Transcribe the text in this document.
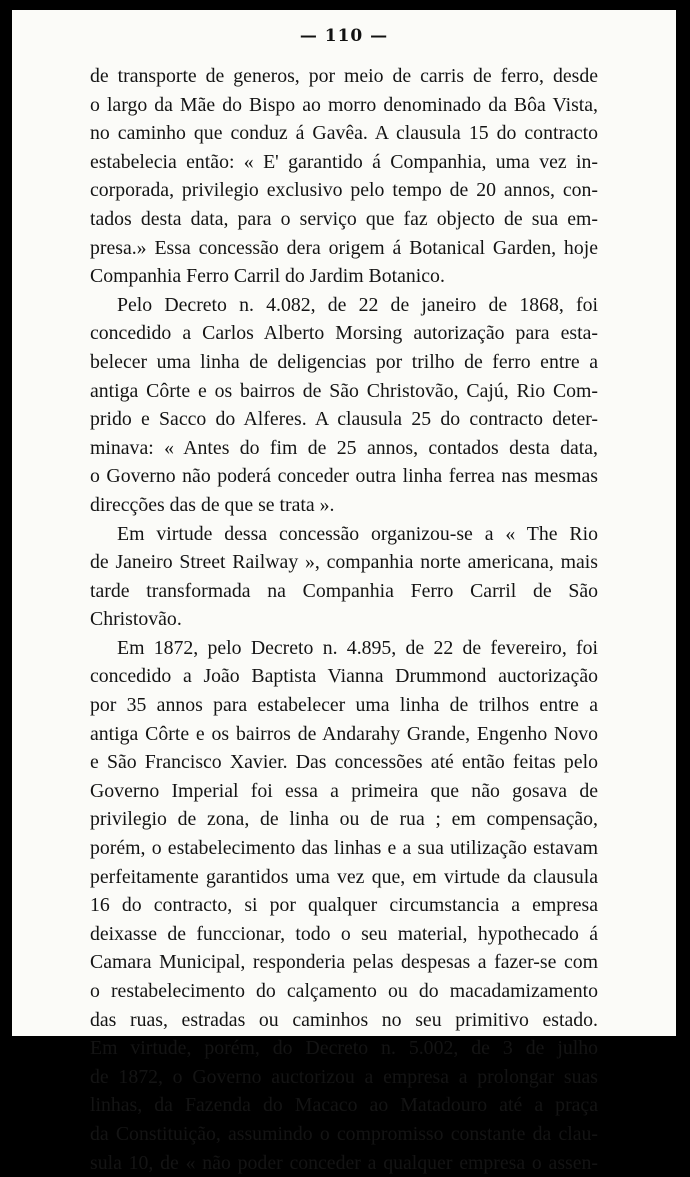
— 110 —

de transporte de generos, por meio de carris de ferro, desde
o largo da Mãe do Bispo ao morro denominado da Bôa Vista,
no caminho que conduz á Gavêa. A clausula 15 do contracto
estabelecia então: « E' garantido á Companhia, uma vez in-
corporada, privilegio exclusivo pelo tempo de 20 annos, con-
tados desta data, para o serviço que faz objecto de sua em-
presa.» Essa concessão dera origem á Botanical Garden, hoje
Companhia Ferro Carril do Jardim Botanico.

Pelo Decreto n. 4.082, de 22 de janeiro de 1868, foi
concedido a Carlos Alberto Morsing autorização para esta-
belecer uma linha de deligencias por trilho de ferro entre a
antiga Côrte e os bairros de São Christovão, Cajú, Rio Com-
prido e Sacco do Alferes. A clausula 25 do contracto deter-
minava: « Antes do fim de 25 annos, contados desta data,
o Governo não poderá conceder outra linha ferrea nas mesmas
direcções das de que se trata ».

Em virtude dessa concessão organizou-se a « The Rio
de Janeiro Street Railway », companhia norte americana, mais
tarde transformada na Companhia Ferro Carril de São
Christovão.

Em 1872, pelo Decreto n. 4.895, de 22 de fevereiro, foi
concedido a João Baptista Vianna Drummond auctorização
por 35 annos para estabelecer uma linha de trilhos entre a
antiga Côrte e os bairros de Andarahy Grande, Engenho Novo
e São Francisco Xavier. Das concessões até então feitas pelo
Governo Imperial foi essa a primeira que não gosava de
privilegio de zona, de linha ou de rua ; em compensação,
porém, o estabelecimento das linhas e a sua utilização estavam
perfeitamente garantidos uma vez que, em virtude da clausula
16 do contracto, si por qualquer circumstancia a empresa
deixasse de funccionar, todo o seu material, hypothecado á
Camara Municipal, responderia pelas despesas a fazer-se com
o restabelecimento do calçamento ou do macadamizamento
das ruas, estradas ou caminhos no seu primitivo estado.
Em virtude, porém, do Decreto n. 5.002, de 3 de julho
de 1872, o Governo auctorizou a empresa a prolongar suas
linhas, da Fazenda do Macaco ao Matadouro até a praça
da Constituição, assumindo o compromisso constante da clau-
sula 10, de « não poder conceder a qualquer empresa o assen-
